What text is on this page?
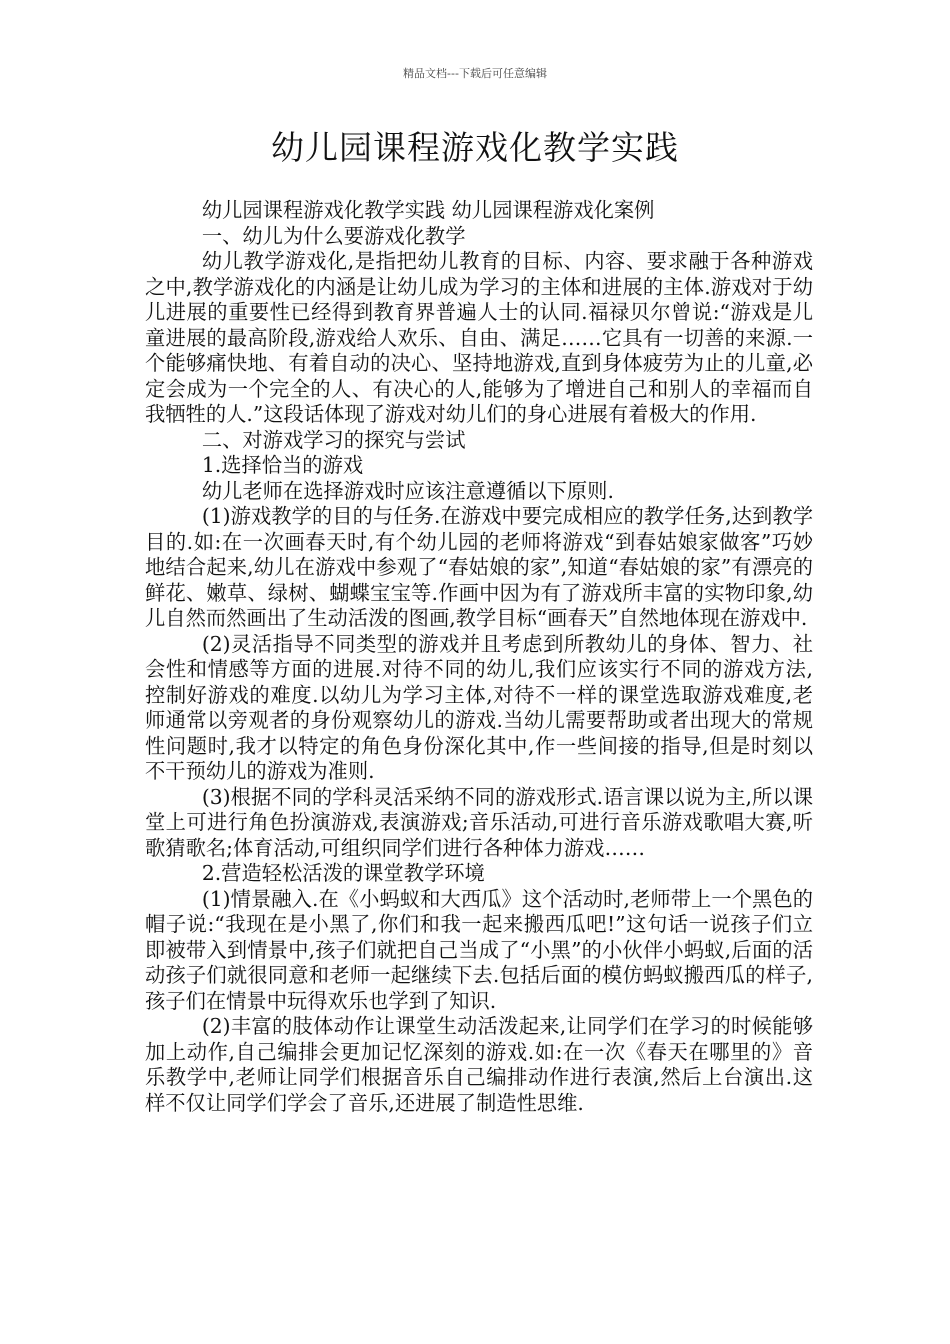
精品文档---下载后可任意编辑
幼儿园课程游戏化教学实践

幼儿园课程游戏化教学实践 幼儿园课程游戏化案例

一、幼儿为什么要游戏化教学

幼儿教学游戏化,是指把幼儿教育的目标、内容、要求融于各种游戏之中,教学游戏化的内涵是让幼儿成为学习的主体和进展的主体.游戏对于幼儿进展的重要性已经得到教育界普遍人士的认同.福禄贝尔曾说:“游戏是儿童进展的最高阶段,游戏给人欢乐、自由、满足……它具有一切善的来源.一个能够痛快地、有着自动的决心、坚持地游戏,直到身体疲劳为止的儿童,必定会成为一个完全的人、有决心的人,能够为了增进自己和别人的幸福而自我牺牲的人.”这段话体现了游戏对幼儿们的身心进展有着极大的作用.

二、对游戏学习的探究与尝试

1.选择恰当的游戏

幼儿老师在选择游戏时应该注意遵循以下原则.

(1)游戏教学的目的与任务.在游戏中要完成相应的教学任务,达到教学目的.如:在一次画春天时,有个幼儿园的老师将游戏“到春姑娘家做客”巧妙地结合起来,幼儿在游戏中参观了“春姑娘的家”,知道“春姑娘的家”有漂亮的鲜花、嫩草、绿树、蝴蝶宝宝等.作画中因为有了游戏所丰富的实物印象,幼儿自然而然画出了生动活泼的图画,教学目标“画春天”自然地体现在游戏中.

(2)灵活指导不同类型的游戏并且考虑到所教幼儿的身体、智力、社会性和情感等方面的进展.对待不同的幼儿,我们应该实行不同的游戏方法,控制好游戏的难度.以幼儿为学习主体,对待不一样的课堂选取游戏难度,老师通常以旁观者的身份观察幼儿的游戏.当幼儿需要帮助或者出现大的常规性问题时,我才以特定的角色身份深化其中,作一些间接的指导,但是时刻以不干预幼儿的游戏为准则.

(3)根据不同的学科灵活采纳不同的游戏形式.语言课以说为主,所以课堂上可进行角色扮演游戏,表演游戏;音乐活动,可进行音乐游戏歌唱大赛,听歌猜歌名;体育活动,可组织同学们进行各种体力游戏……

2.营造轻松活泼的课堂教学环境

(1)情景融入.在《小蚂蚁和大西瓜》这个活动时,老师带上一个黑色的帽子说:“我现在是小黑了,你们和我一起来搬西瓜吧!”这句话一说孩子们立即被带入到情景中,孩子们就把自己当成了“小黑”的小伙伴小蚂蚁,后面的活动孩子们就很同意和老师一起继续下去.包括后面的模仿蚂蚁搬西瓜的样子,孩子们在情景中玩得欢乐也学到了知识.

(2)丰富的肢体动作让课堂生动活泼起来,让同学们在学习的时候能够加上动作,自己编排会更加记忆深刻的游戏.如:在一次《春天在哪里的》音乐教学中,老师让同学们根据音乐自己编排动作进行表演,然后上台演出.这样不仅让同学们学会了音乐,还进展了制造性思维.
